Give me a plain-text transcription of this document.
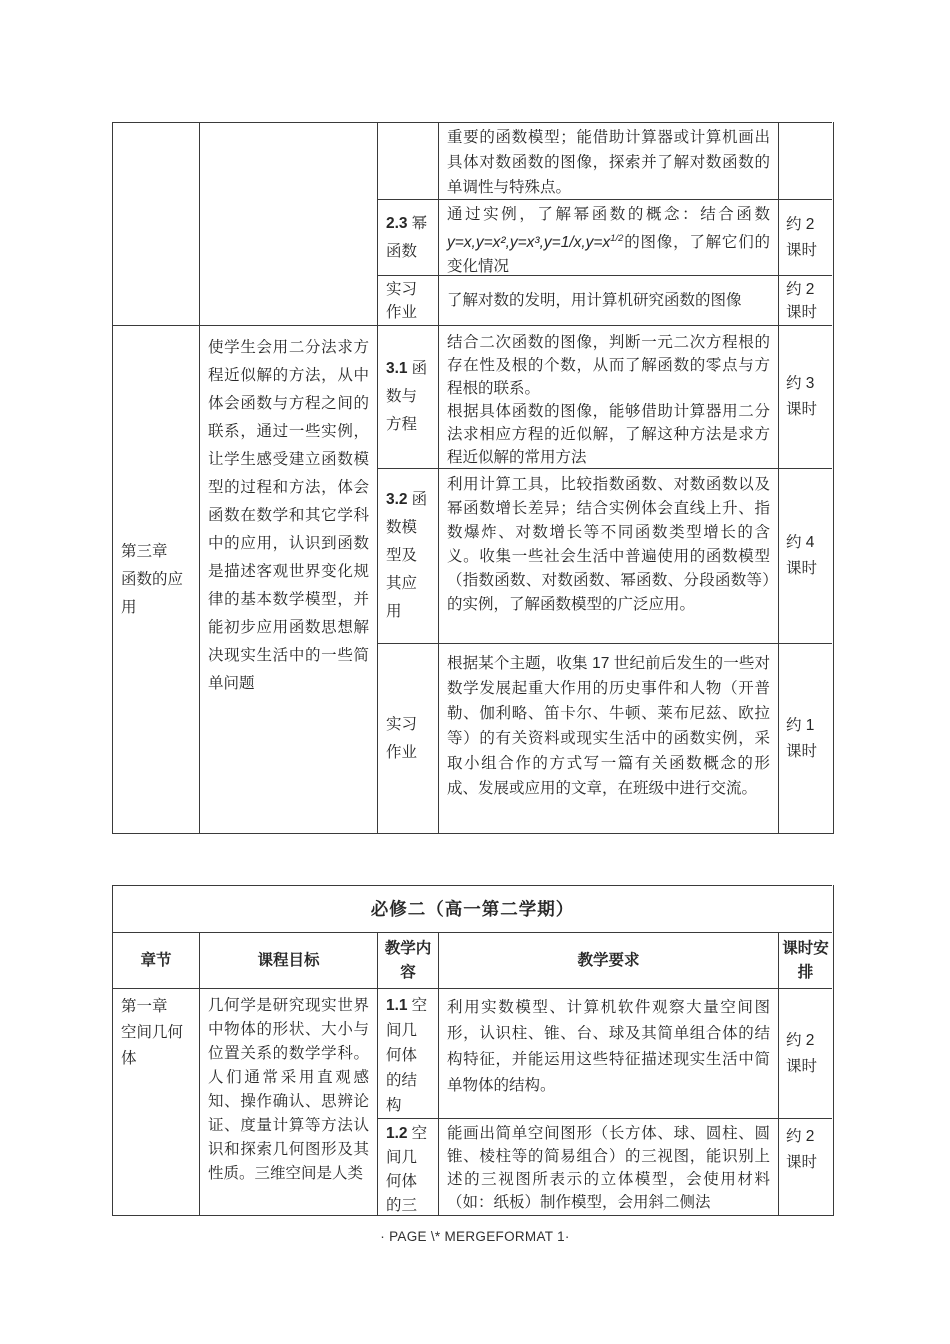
重要的函数模型；能借助计算器或计算机画出具体对数函数的图像，探索并了解对数函数的单调性与特殊点。
2.3 幂函数
通过实例，了解幂函数的概念：结合函数$y=x,y=x^2,y=x^3,y=1/x,y=x^{1/2}$的图像，了解它们的变化情况
约 2 课时
实习作业
了解对数的发明，用计算机研究函数的图像
约 2 课时
第三章
函数的应用
使学生会用二分法求方程近似解的方法，从中体会函数与方程之间的联系，通过一些实例，让学生感受建立函数模型的过程和方法，体会函数在数学和其它学科中的应用，认识到函数是描述客观世界变化规律的基本数学模型，并能初步应用函数思想解决现实生活中的一些简单问题
3.1 函数与方程
结合二次函数的图像，判断一元二次方程根的存在性及根的个数，从而了解函数的零点与方程根的联系。
根据具体函数的图像，能够借助计算器用二分法求相应方程的近似解，了解这种方法是求方程近似解的常用方法
约 3 课时
3.2 函数模型及其应用
利用计算工具，比较指数函数、对数函数以及幂函数增长差异；结合实例体会直线上升、指数爆炸、对数增长等不同函数类型增长的含义。收集一些社会生活中普遍使用的函数模型（指数函数、对数函数、幂函数、分段函数等）的实例，了解函数模型的广泛应用。
约 4 课时
实习作业
根据某个主题，收集 17 世纪前后发生的一些对数学发展起重大作用的历史事件和人物（开普勒、伽利略、笛卡尔、牛顿、莱布尼兹、欧拉等）的有关资料或现实生活中的函数实例，采取小组合作的方式写一篇有关函数概念的形成、发展或应用的文章，在班级中进行交流。
约 1 课时
必修二（高一第二学期）
章节	课程目标
教学内容
教学要求
课时安排
第一章
空间几何体
几何学是研究现实世界中物体的形状、大小与位置关系的数学学科。人们通常采用直观感知、操作确认、思辨论证、度量计算等方法认识和探索几何图形及其性质。三维空间是人类
1.1 空间几何体的结构
利用实数模型、计算机软件观察大量空间图形，认识柱、锥、台、球及其简单组合体的结构特征，并能运用这些特征描述现实生活中简单物体的结构。
约 2 课时
1.2 空间几何体的三
能画出简单空间图形（长方体、球、圆柱、圆锥、棱柱等的简易组合）的三视图，能识别上述的三视图所表示的立体模型，会使用材料（如：纸板）制作模型，会用斜二侧法
约 2 课时
· PAGE \* MERGEFORMAT 1·
